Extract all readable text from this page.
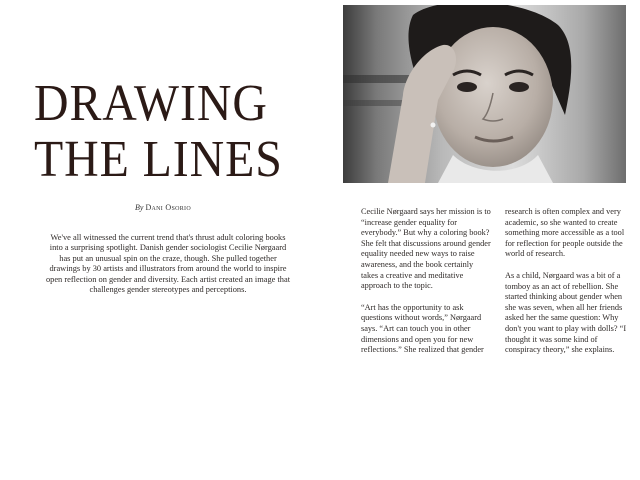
DRAWING
THE LINES
By Dani Osorio

We've all witnessed the current trend that's thrust adult coloring books into a surprising spotlight. Danish gender sociologist Cecilie Nørgaard has put an unusual spin on the craze, though. She pulled together drawings by 30 artists and illustrators from around the world to inspire open reflection on gender and diversity. Each artist created an image that challenges gender stereotypes and perceptions.

Cecilie Nørgaard says her mission is to “increase gender equality for everybody.” But why a coloring book? She felt that discussions around gender equality needed new ways to raise awareness, and the book certainly takes a creative and meditative approach to the topic.

“Art has the opportunity to ask questions without words,” Nørgaard says. “Art can touch you in other dimensions and open you for new reflections.” She realized that gender

research is often complex and very academic, so she wanted to create something more accessible as a tool for reflection for people outside the world of research.

As a child, Nørgaard was a bit of a tomboy as an act of rebellion. She started thinking about gender when she was seven, when all her friends asked her the same question: Why don't you want to play with dolls? “I thought it was some kind of conspiracy theory,” she explains.
